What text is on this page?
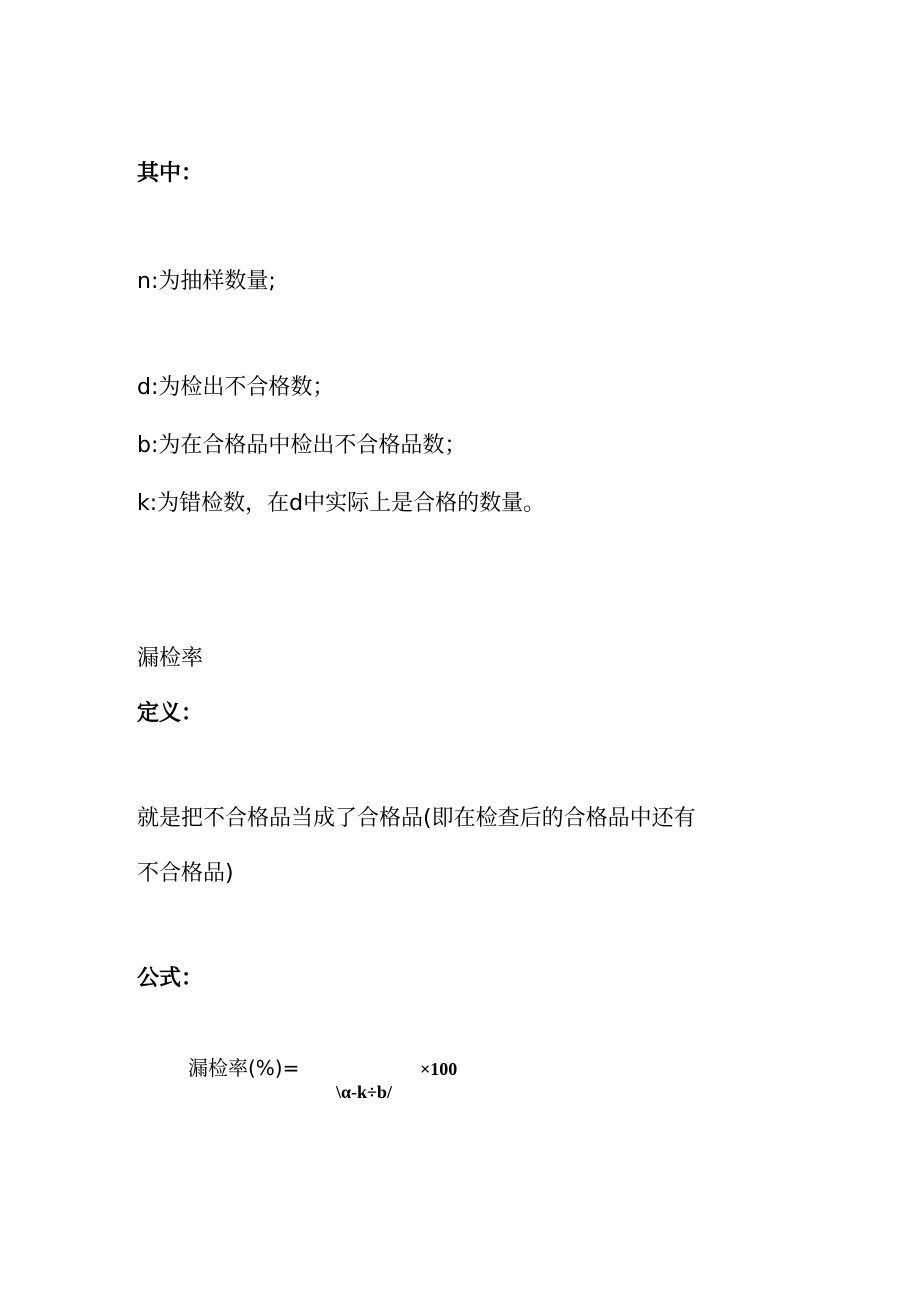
其中：

n:为抽样数量;

d:为检出不合格数；

b:为在合格品中检出不合格品数；

k:为错检数，在d中实际上是合格的数量。

漏检率

定义：

就是把不合格品当成了合格品(即在检查后的合格品中还有

不合格品)

公式：

漏检率(%)=	×100
\α-k÷b/
